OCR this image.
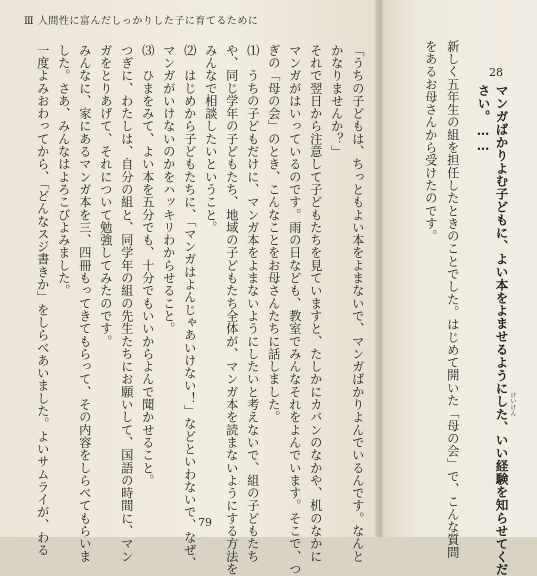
Ⅲ 人間性に富んだしっかりした子に育てるために
79
28
マンガばかりよむ子どもに、よい本をよませるようにした、いい経験を知らせてくだ
さい。……
けいけん
新しく五年生の組を担任したときのことでした。はじめて開いた「母の会」で、こんな質問
をあるお母さんから受けたのです。
「うちの子どもは、ちっともよい本をよまないで、マンガばかりよんでいるんです。なんと
かなりませんか？」
それで翌日から注意して子どもたちを見ていますと、たしかにカバンのなかや、机のなかに
マンガがはいっているのです。雨の日なども、教室でみんなそれをよんでいます。そこで、つ
ぎの「母の会」のとき、こんなことをお母さんたちに話しました。
⑴　うちの子どもだけに、マンガ本をよまないようにしたいと考えないで、組の子どもたち
や、同じ学年の子どもたち、地域の子どもたち全体が、マンガ本を読まないようにする方法を
みんなで相談したいということ。
⑵　はじめから子どもたちに、「マンガはよんじゃあいけない！」などといわないで、なぜ、
マンガがいけないのかをハッキリわからせること。
⑶　ひまをみて、よい本を五分でも、十分でもいいからよんで聞かせること。
つぎに、わたしは、自分の組と、同学年の組の先生たちにお願いして、国語の時間に、マン
ガをとりあげて、それについて勉強してみたのです。
みんなに、家にあるマンガ本を三、四冊もってきてもらって、その内容をしらべてもらいま
した。さあ、みんなはよろこびよみました。
一度よみおわってから、「どんなスジ書きか」をしらべあいました。よいサムライが、わる
